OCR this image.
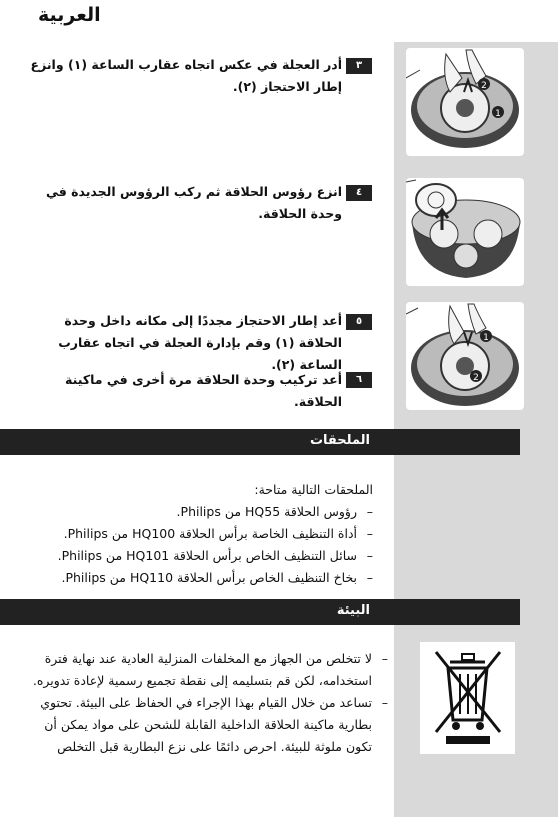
العربية
2
1
٣
أدر العجلة في عكس اتجاه عقارب الساعة (١) وانزع إطار الاحتجاز (٢).
٤
انزع رؤوس الحلاقة ثم ركب الرؤوس الجديدة في وحدة الحلاقة.
1
2
٥
أعد إطار الاحتجاز مجددًا إلى مكانه داخل وحدة الحلاقة (١) وقم بإدارة العجلة في اتجاه عقارب الساعة (٢).
٦
أعد تركيب وحدة الحلاقة مرة أخرى في ماكينة الحلاقة.
الملحقات
الملحقات التالية متاحة:
– رؤوس الحلاقة HQ55 من Philips.
– أداة التنظيف الخاصة برأس الحلاقة HQ100 من Philips.
– سائل التنظيف الخاص برأس الحلاقة HQ101 من Philips.
– بخاخ التنظيف الخاص برأس الحلاقة HQ110 من Philips.
البيئة
– لا تتخلص من الجهاز مع المخلفات المنزلية العادية عند نهاية فترة استخدامه، لكن قم بتسليمه إلى نقطة تجميع رسمية لإعادة تدويره.
– تساعد من خلال القيام بهذا الإجراء في الحفاظ على البيئة. تحتوي بطارية ماكينة الحلاقة الداخلية القابلة للشحن على مواد يمكن أن تكون ملوثة للبيئة. احرص دائمًا على نزع البطارية قبل التخلص
